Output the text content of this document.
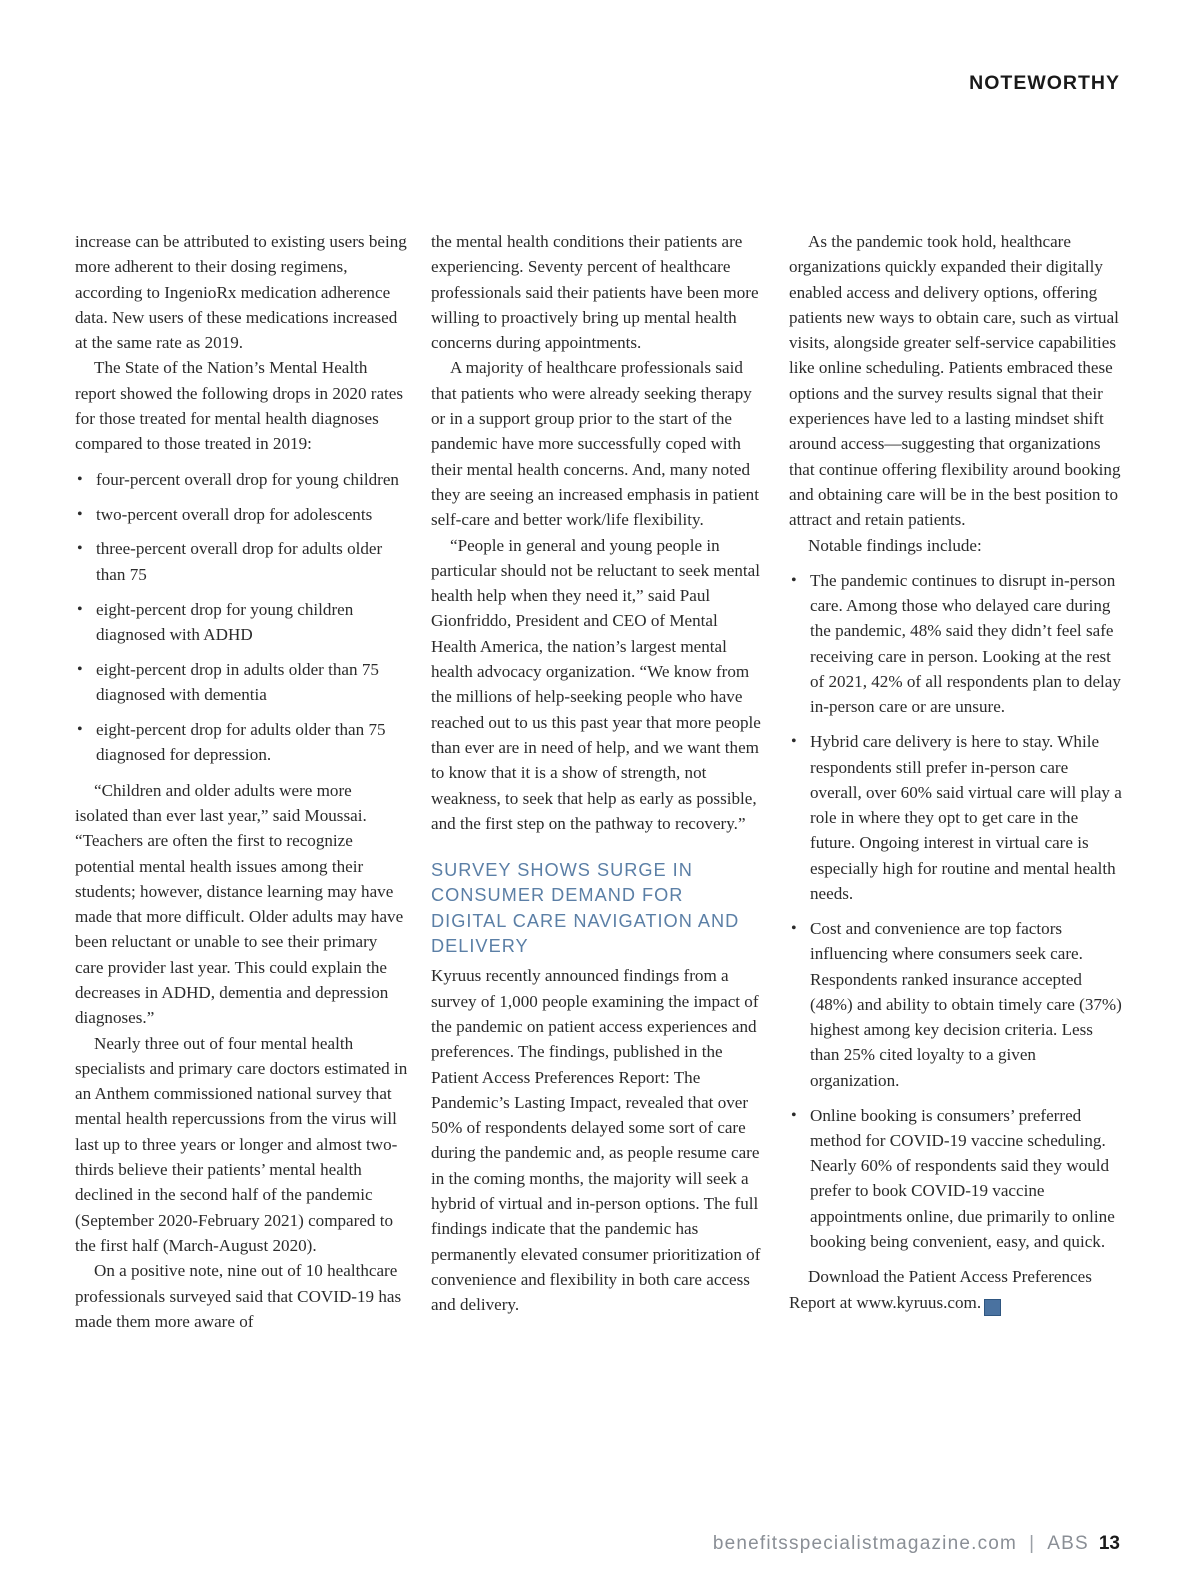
NOTEWORTHY

increase can be attributed to existing users being more adherent to their dosing regimens, according to IngenioRx medication adherence data. New users of these medications increased at the same rate as 2019.

The State of the Nation’s Mental Health report showed the following drops in 2020 rates for those treated for mental health diagnoses compared to those treated in 2019:

• four-percent overall drop for young children
• two-percent overall drop for adolescents
• three-percent overall drop for adults older than 75
• eight-percent drop for young children diagnosed with ADHD
• eight-percent drop in adults older than 75 diagnosed with dementia
• eight-percent drop for adults older than 75 diagnosed for depression.

“Children and older adults were more isolated than ever last year,” said Moussai. “Teachers are often the first to recognize potential mental health issues among their students; however, distance learning may have made that more difficult. Older adults may have been reluctant or unable to see their primary care provider last year. This could explain the decreases in ADHD, dementia and depression diagnoses.”

Nearly three out of four mental health specialists and primary care doctors estimated in an Anthem commissioned national survey that mental health repercussions from the virus will last up to three years or longer and almost two-thirds believe their patients’ mental health declined in the second half of the pandemic (September 2020-February 2021) compared to the first half (March-August 2020).

On a positive note, nine out of 10 healthcare professionals surveyed said that COVID-19 has made them more aware of

the mental health conditions their patients are experiencing. Seventy percent of healthcare professionals said their patients have been more willing to proactively bring up mental health concerns during appointments.

A majority of healthcare professionals said that patients who were already seeking therapy or in a support group prior to the start of the pandemic have more successfully coped with their mental health concerns. And, many noted they are seeing an increased emphasis in patient self-care and better work/life flexibility.

“People in general and young people in particular should not be reluctant to seek mental health help when they need it,” said Paul Gionfriddo, President and CEO of Mental Health America, the nation’s largest mental health advocacy organization. “We know from the millions of help-seeking people who have reached out to us this past year that more people than ever are in need of help, and we want them to know that it is a show of strength, not weakness, to seek that help as early as possible, and the first step on the pathway to recovery.”

SURVEY SHOWS SURGE IN CONSUMER DEMAND FOR DIGITAL CARE NAVIGATION AND DELIVERY

Kyruus recently announced findings from a survey of 1,000 people examining the impact of the pandemic on patient access experiences and preferences. The findings, published in the Patient Access Preferences Report: The Pandemic’s Lasting Impact, revealed that over 50% of respondents delayed some sort of care during the pandemic and, as people resume care in the coming months, the majority will seek a hybrid of virtual and in-person options. The full findings indicate that the pandemic has permanently elevated consumer prioritization of convenience and flexibility in both care access and delivery.

As the pandemic took hold, healthcare organizations quickly expanded their digitally enabled access and delivery options, offering patients new ways to obtain care, such as virtual visits, alongside greater self-service capabilities like online scheduling. Patients embraced these options and the survey results signal that their experiences have led to a lasting mindset shift around access—suggesting that organizations that continue offering flexibility around booking and obtaining care will be in the best position to attract and retain patients.

Notable findings include:

• The pandemic continues to disrupt in-person care. Among those who delayed care during the pandemic, 48% said they didn’t feel safe receiving care in person. Looking at the rest of 2021, 42% of all respondents plan to delay in-person care or are unsure.
• Hybrid care delivery is here to stay. While respondents still prefer in-person care overall, over 60% said virtual care will play a role in where they opt to get care in the future. Ongoing interest in virtual care is especially high for routine and mental health needs.
• Cost and convenience are top factors influencing where consumers seek care. Respondents ranked insurance accepted (48%) and ability to obtain timely care (37%) highest among key decision criteria. Less than 25% cited loyalty to a given organization.
• Online booking is consumers’ preferred method for COVID-19 vaccine scheduling. Nearly 60% of respondents said they would prefer to book COVID-19 vaccine appointments online, due primarily to online booking being convenient, easy, and quick.

Download the Patient Access Preferences Report at www.kyruus.com.	ABS

benefitsspecialistmagazine.com | ABS 13
